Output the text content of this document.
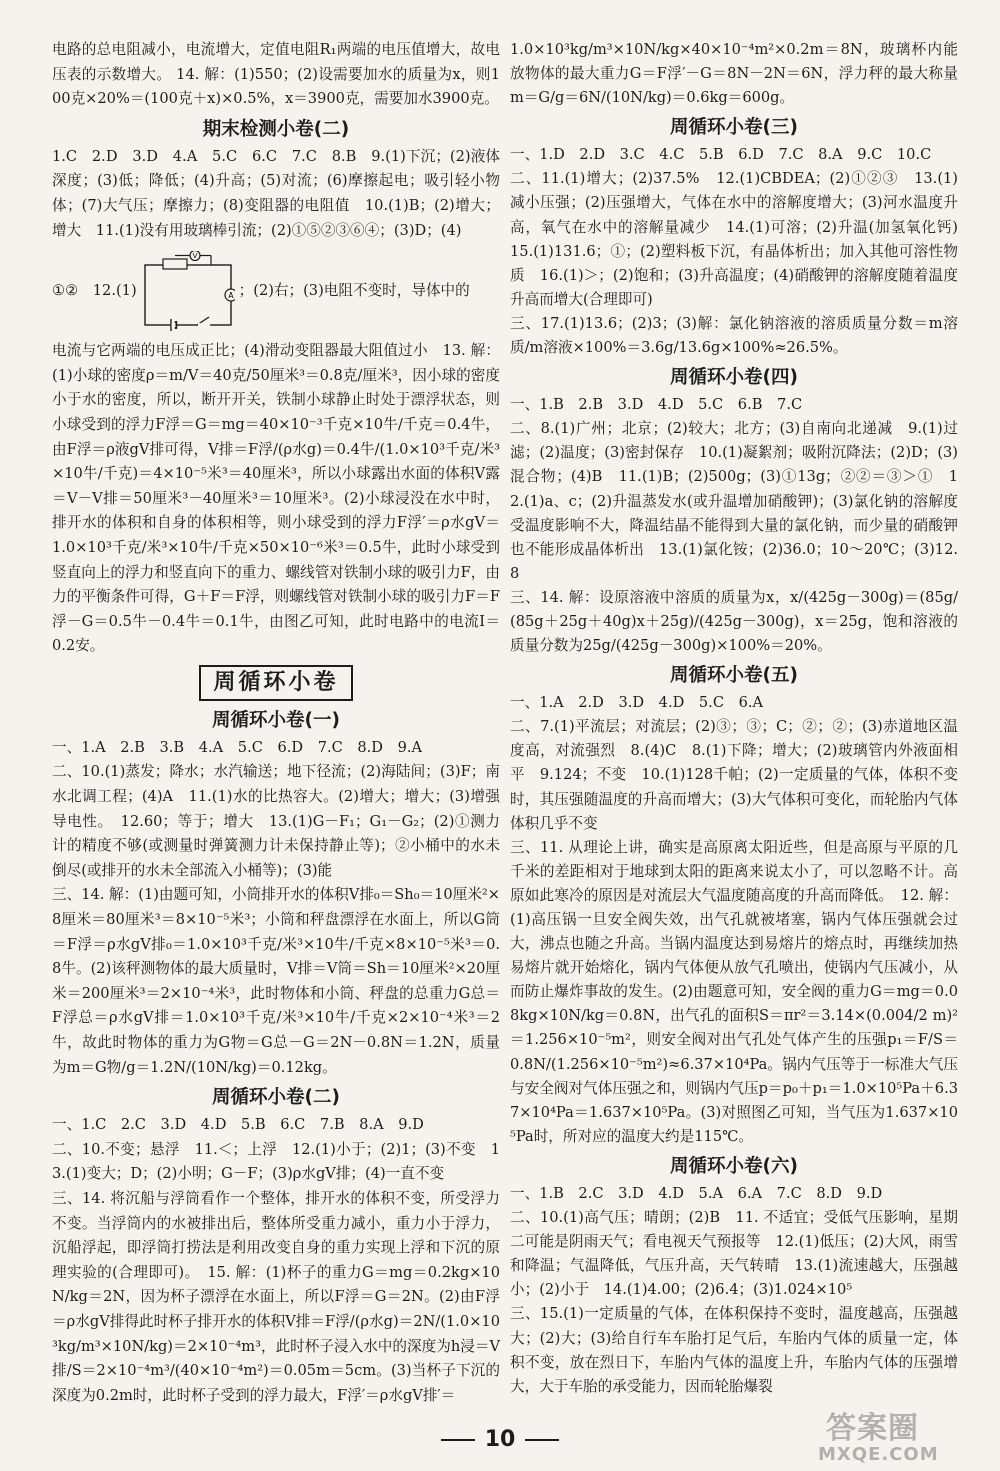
电路的总电阻减小，电流增大，定值电阻R₁两端的电压值增大，故电压表的示数增大。 14. 解：(1)550；(2)设需要加水的质量为x，则100克×20%＝(100克＋x)×0.5%，x＝3900克，需要加水3900克。

期末检测小卷(二)

1.C　2.D　3.D　4.A　5.C　6.C　7.C　8.B　9.(1)下沉；(2)液体深度；(3)低；降低；(4)升高；(5)对流；(6)摩擦起电；吸引轻小物体；(7)大气压；摩擦力；(8)变阻器的电阻值　10.(1)B；(2)增大；增大　11.(1)没有用玻璃棒引流；(2)①⑤②③⑥④；(3)D；(4)

①②　12.(1)
V
A ；(2)右；(3)电阻不变时，导体中的

电流与它两端的电压成正比；(4)滑动变阻器最大阻值过小　13. 解：(1)小球的密度ρ＝m/V＝40克/50厘米³＝0.8克/厘米³，因小球的密度小于水的密度，所以，断开开关，铁制小球静止时处于漂浮状态，则小球受到的浮力F浮＝G＝mg＝40×10⁻³千克×10牛/千克＝0.4牛，由F浮＝ρ液gV排可得，V排＝F浮/(ρ水g)＝0.4牛/(1.0×10³千克/米³×10牛/千克)＝4×10⁻⁵米³＝40厘米³，所以小球露出水面的体积V露＝V－V排＝50厘米³－40厘米³＝10厘米³。(2)小球浸没在水中时，排开水的体积和自身的体积相等，则小球受到的浮力F浮′＝ρ水gV＝1.0×10³千克/米³×10牛/千克×50×10⁻⁶米³＝0.5牛，此时小球受到竖直向上的浮力和竖直向下的重力、螺线管对铁制小球的吸引力F，由力的平衡条件可得，G＋F＝F浮，则螺线管对铁制小球的吸引力F＝F浮－G＝0.5牛－0.4牛＝0.1牛，由图乙可知，此时电路中的电流I＝0.2安。

周循环小卷
周循环小卷(一)

一、1.A　2.B　3.B　4.A　5.C　6.D　7.C　8.D　9.A

二、10.(1)蒸发；降水；水汽输送；地下径流；(2)海陆间；(3)F；南水北调工程；(4)A　11.(1)水的比热容大。(2)增大；增大；(3)增强导电性。　12.60；等于；增大　13.(1)G－F₁；G₁－G₂；(2)①测力计的精度不够(或测量时弹簧测力计未保持静止等)；②小桶中的水未倒尽(或排开的水未全部流入小桶等)；(3)能

三、14. 解：(1)由题可知，小筒排开水的体积V排₀＝Sh₀＝10厘米²×8厘米＝80厘米³＝8×10⁻⁵米³；小筒和秤盘漂浮在水面上，所以G筒＝F浮＝ρ水gV排₀＝1.0×10³千克/米³×10牛/千克×8×10⁻⁵米³＝0.8牛。(2)该秤测物体的最大质量时，V排＝V筒＝Sh＝10厘米²×20厘米＝200厘米³＝2×10⁻⁴米³，此时物体和小筒、秤盘的总重力G总＝F浮总＝ρ水gV排＝1.0×10³千克/米³×10牛/千克×2×10⁻⁴米³＝2牛，故此时物体的重力为G物＝G总－G＝2N－0.8N＝1.2N，质量为m＝G物/g＝1.2N/(10N/kg)＝0.12kg。

周循环小卷(二)

一、1.C　2.C　3.D　4.D　5.B　6.C　7.B　8.A　9.D

二、10.不变；悬浮　11.＜；上浮　12.(1)小于；(2)1；(3)不变　13.(1)变大；D；(2)小明；G－F；(3)ρ水gV排；(4)一直不变

三、14. 将沉船与浮筒看作一个整体，排开水的体积不变，所受浮力不变。当浮筒内的水被排出后，整体所受重力减小，重力小于浮力，沉船浮起，即浮筒打捞法是利用改变自身的重力实现上浮和下沉的原理实验的(合理即可)。　15. 解：(1)杯子的重力G＝mg＝0.2kg×10N/kg＝2N，因为杯子漂浮在水面上，所以F浮＝G＝2N。(2)由F浮＝ρ水gV排得此时杯子排开水的体积V排＝F浮/(ρ水g)＝2N/(1.0×10³kg/m³×10N/kg)＝2×10⁻⁴m³，此时杯子浸入水中的深度为h浸＝V排/S＝2×10⁻⁴m³/(40×10⁻⁴m²)＝0.05m＝5cm。(3)当杯子下沉的深度为0.2m时，此时杯子受到的浮力最大，F浮′＝ρ水gV排′＝

1.0×10³kg/m³×10N/kg×40×10⁻⁴m²×0.2m＝8N，玻璃杯内能放物体的最大重力G＝F浮′－G＝8N－2N＝6N，浮力秤的最大称量m＝G/g＝6N/(10N/kg)＝0.6kg＝600g。

周循环小卷(三)

一、1.D　2.D　3.C　4.C　5.B　6.D　7.C　8.A　9.C　10.C

二、11.(1)增大；(2)37.5%　12.(1)CBDEA；(2)①②③　13.(1)减小压强；(2)压强增大，气体在水中的溶解度增大；(3)河水温度升高，氧气在水中的溶解量减少　14.(1)可溶；(2)升温(加氢氧化钙)　15.(1)131.6；①；(2)塑料板下沉，有晶体析出；加入其他可溶性物质　16.(1)＞；(2)饱和；(3)升高温度；(4)硝酸钾的溶解度随着温度升高而增大(合理即可)

三、17.(1)13.6；(2)3；(3)解：氯化钠溶液的溶质质量分数＝m溶质/m溶液×100%＝3.6g/13.6g×100%≈26.5%。

周循环小卷(四)

一、1.B　2.B　3.D　4.D　5.C　6.B　7.C

二、8.(1)广州；北京；(2)较大；北方；(3)自南向北递减　9.(1)过滤；(2)温度；(3)密封保存　10.(1)凝絮剂；吸附沉降法；(2)D；(3)混合物；(4)B　11.(1)B；(2)500g；(3)①13g；②②＝③＞①　12.(1)a、c；(2)升温蒸发水(或升温增加硝酸钾)；(3)氯化钠的溶解度受温度影响不大，降温结晶不能得到大量的氯化钠，而少量的硝酸钾也不能形成晶体析出　13.(1)氯化铵；(2)36.0；10～20℃；(3)12.8

三、14. 解：设原溶液中溶质的质量为x，x/(425g－300g)＝(85g/(85g＋25g＋40g)x＋25g)/(425g－300g)，x＝25g，饱和溶液的质量分数为25g/(425g－300g)×100%＝20%。

周循环小卷(五)

一、1.A　2.D　3.D　4.D　5.C　6.A

二、7.(1)平流层；对流层；(2)③；③；C；②；②；(3)赤道地区温度高，对流强烈　8.(4)C　8.(1)下降；增大；(2)玻璃管内外液面相平　9.124；不变　10.(1)128千帕；(2)一定质量的气体，体积不变时，其压强随温度的升高而增大；(3)大气体积可变化，而轮胎内气体体积几乎不变

三、11. 从理论上讲，确实是高原离太阳近些，但是高原与平原的几千米的差距相对于地球到太阳的距离来说太小了，可以忽略不计。高原如此寒冷的原因是对流层大气温度随高度的升高而降低。　12. 解：(1)高压锅一旦安全阀失效，出气孔就被堵塞，锅内气体压强就会过大，沸点也随之升高。当锅内温度达到易熔片的熔点时，再继续加热易熔片就开始熔化，锅内气体便从放气孔喷出，使锅内气压减小，从而防止爆炸事故的发生。(2)由题意可知，安全阀的重力G＝mg＝0.08kg×10N/kg＝0.8N，出气孔的面积S＝πr²＝3.14×(0.004/2 m)²＝1.256×10⁻⁵m²，则安全阀对出气孔处气体产生的压强p₁＝F/S＝0.8N/(1.256×10⁻⁵m²)≈6.37×10⁴Pa。锅内气压等于一标准大气压与安全阀对气体压强之和，则锅内气压p＝p₀＋p₁＝1.0×10⁵Pa＋6.37×10⁴Pa＝1.637×10⁵Pa。(3)对照图乙可知，当气压为1.637×10⁵Pa时，所对应的温度大约是115℃。

周循环小卷(六)

一、1.B　2.C　3.D　4.D　5.A　6.A　7.C　8.D　9.D

二、10.(1)高气压；晴朗；(2)B　11. 不适宜；受低气压影响，星期二可能是阴雨天气；看电视天气预报等　12.(1)低压；(2)大风，雨雪和降温；气温降低，气压升高，天气转晴　13.(1)流速越大，压强越小；(2)小于　14.(1)4.00；(2)6.4；(3)1.024×10⁵

三、15.(1)一定质量的气体，在体积保持不变时，温度越高，压强越大；(2)大；(3)给自行车车胎打足气后，车胎内气体的质量一定，体积不变，放在烈日下，车胎内气体的温度上升，车胎内气体的压强增大，大于车胎的承受能力，因而轮胎爆裂

10	答案圈
MXQE.COM
